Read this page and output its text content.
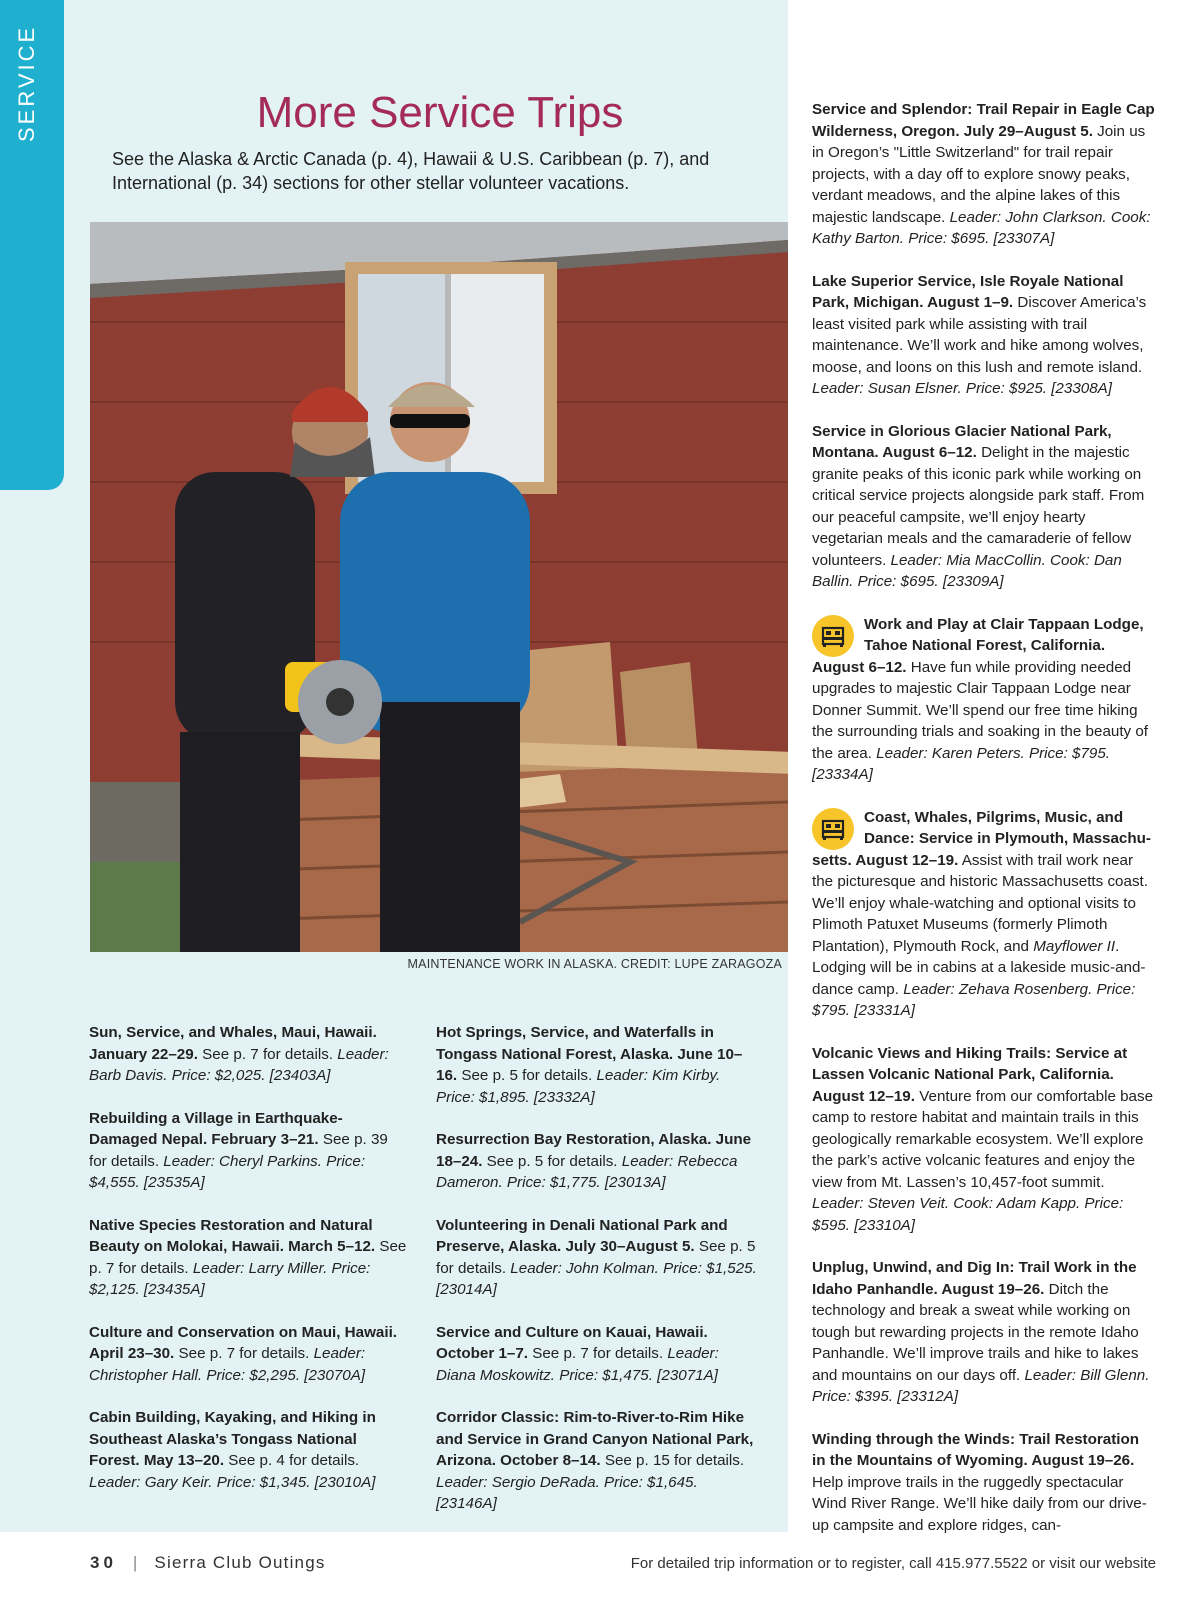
SERVICE	More Service Trips

See the Alaska & Arctic Canada (p. 4), Hawaii & U.S. Caribbean (p. 7), and International (p. 34) sections for other stellar volunteer vacations.

MAINTENANCE WORK IN ALASKA. CREDIT: LUPE ZARAGOZA

Sun, Service, and Whales, Maui, Hawaii. January 22–29. See p. 7 for details. Leader: Barb Davis. Price: $2,025. [23403A]

Rebuilding a Village in Earthquake-Damaged Nepal. February 3–21. See p. 39 for details. Leader: Cheryl Parkins. Price: $4,555. [23535A]

Native Species Restoration and Natural Beauty on Molokai, Hawaii. March 5–12. See p. 7 for details. Leader: Larry Miller. Price: $2,125. [23435A]

Culture and Conservation on Maui, Hawaii. April 23–30. See p. 7 for details. Leader: Christopher Hall. Price: $2,295. [23070A]

Cabin Building, Kayaking, and Hiking in Southeast Alaska’s Tongass National Forest. May 13–20. See p. 4 for details. Leader: Gary Keir. Price: $1,345. [23010A]

Hot Springs, Service, and Waterfalls in Tongass National Forest, Alaska. June 10–16. See p. 5 for details. Leader: Kim Kirby. Price: $1,895. [23332A]

Resurrection Bay Restoration, Alaska. June 18–24. See p. 5 for details. Leader: Rebecca Dameron. Price: $1,775. [23013A]

Volunteering in Denali National Park and Preserve, Alaska. July 30–August 5. See p. 5 for details. Leader: John Kolman. Price: $1,525. [23014A]

Service and Culture on Kauai, Hawaii. October 1–7. See p. 7 for details. Leader: Diana Moskowitz. Price: $1,475. [23071A]

Corridor Classic: Rim-to-River-to-Rim Hike and Service in Grand Canyon National Park, Arizona. October 8–14. See p. 15 for details. Leader: Sergio DeRada. Price: $1,645. [23146A]

Service and Splendor: Trail Repair in Eagle Cap Wilderness, Oregon. July 29–August 5. Join us in Oregon’s "Little Switzerland" for trail repair projects, with a day off to explore snowy peaks, verdant meadows, and the alpine lakes of this majestic landscape. Leader: John Clarkson. Cook: Kathy Barton. Price: $695. [23307A]

Lake Superior Service, Isle Royale National Park, Michigan. August 1–9. Discover America’s least visited park while assisting with trail maintenance. We’ll work and hike among wolves, moose, and loons on this lush and remote island. Leader: Susan Elsner. Price: $925. [23308A]

Service in Glorious Glacier National Park, Montana. August 6–12. Delight in the majestic granite peaks of this iconic park while working on critical service projects alongside park staff. From our peaceful campsite, we’ll enjoy hearty vegetarian meals and the camaraderie of fellow volunteers. Leader: Mia MacCollin. Cook: Dan Ballin. Price: $695. [23309A]

Work and Play at Clair Tappaan Lodge,
Tahoe National Forest, California.
August 6–12. Have fun while providing needed upgrades to majestic Clair Tappaan Lodge near Donner Summit. We’ll spend our free time hiking the surrounding trials and soaking in the beauty of the area. Leader: Karen Peters. Price: $795. [23334A]
Coast, Whales, Pilgrims, Music, and
Dance: Service in Plymouth, Massachu-
setts. August 12–19. Assist with trail work near the picturesque and historic Massachusetts coast. We’ll enjoy whale-watching and optional visits to Plimoth Patuxet Museums (formerly Plimoth Plantation), Plymouth Rock, and Mayflower II. Lodging will be in cabins at a lakeside music-and-dance camp. Leader: Zehava Rosenberg. Price: $795. [23331A]

Volcanic Views and Hiking Trails: Service at Lassen Volcanic National Park, California. August 12–19. Venture from our comfortable base camp to restore habitat and maintain trails in this geologically remarkable ecosystem. We’ll explore the park’s active volcanic features and enjoy the view from Mt. Lassen’s 10,457-foot summit. Leader: Steven Veit. Cook: Adam Kapp. Price: $595. [23310A]

Unplug, Unwind, and Dig In: Trail Work in the Idaho Panhandle. August 19–26. Ditch the technology and break a sweat while working on tough but rewarding projects in the remote Idaho Panhandle. We’ll improve trails and hike to lakes and mountains on our days off. Leader: Bill Glenn. Price: $395. [23312A]

Winding through the Winds: Trail Restoration in the Mountains of Wyoming. August 19–26. Help improve trails in the ruggedly spectacular Wind River Range. We’ll hike daily from our drive-up campsite and explore ridges, can-

30 | Sierra Club Outings	For detailed trip information or to register, call 415.977.5522 or visit our website
